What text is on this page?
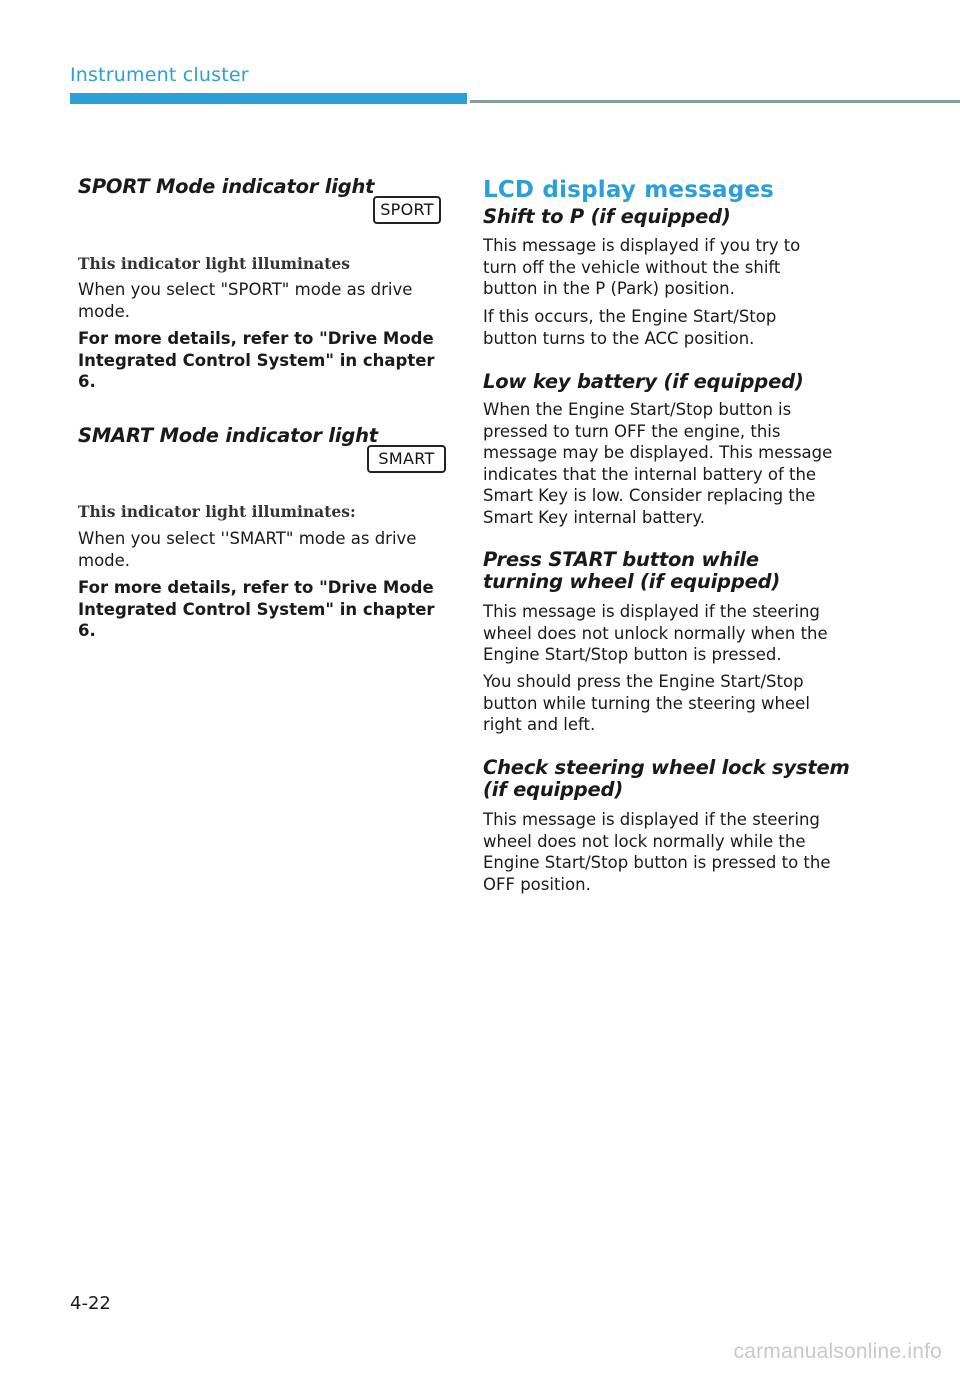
Instrument cluster
SPORT Mode indicator light
SPORT
This indicator light illuminates

When you select "SPORT" mode as drive mode.

For more details, refer to "Drive Mode Integrated Control System" in chapter 6.

SMART Mode indicator light
SMART
This indicator light illuminates:

When you select ''SMART" mode as drive mode.

For more details, refer to "Drive Mode Integrated Control System" in chapter 6.

LCD display messages

Shift to P (if equipped)

This message is displayed if you try to turn off the vehicle without the shift button in the P (Park) position.

If this occurs, the Engine Start/Stop button turns to the ACC position.

Low key battery (if equipped)

When the Engine Start/Stop button is pressed to turn OFF the engine, this message may be displayed. This message indicates that the internal battery of the Smart Key is low. Consider replacing the Smart Key internal battery.

Press START button while turning wheel (if equipped)

This message is displayed if the steering wheel does not unlock normally when the Engine Start/Stop button is pressed.

You should press the Engine Start/Stop button while turning the steering wheel right and left.

Check steering wheel lock system (if equipped)

This message is displayed if the steering wheel does not lock normally while the Engine Start/Stop button is pressed to the OFF position.

4-22
carmanualsonline.info
